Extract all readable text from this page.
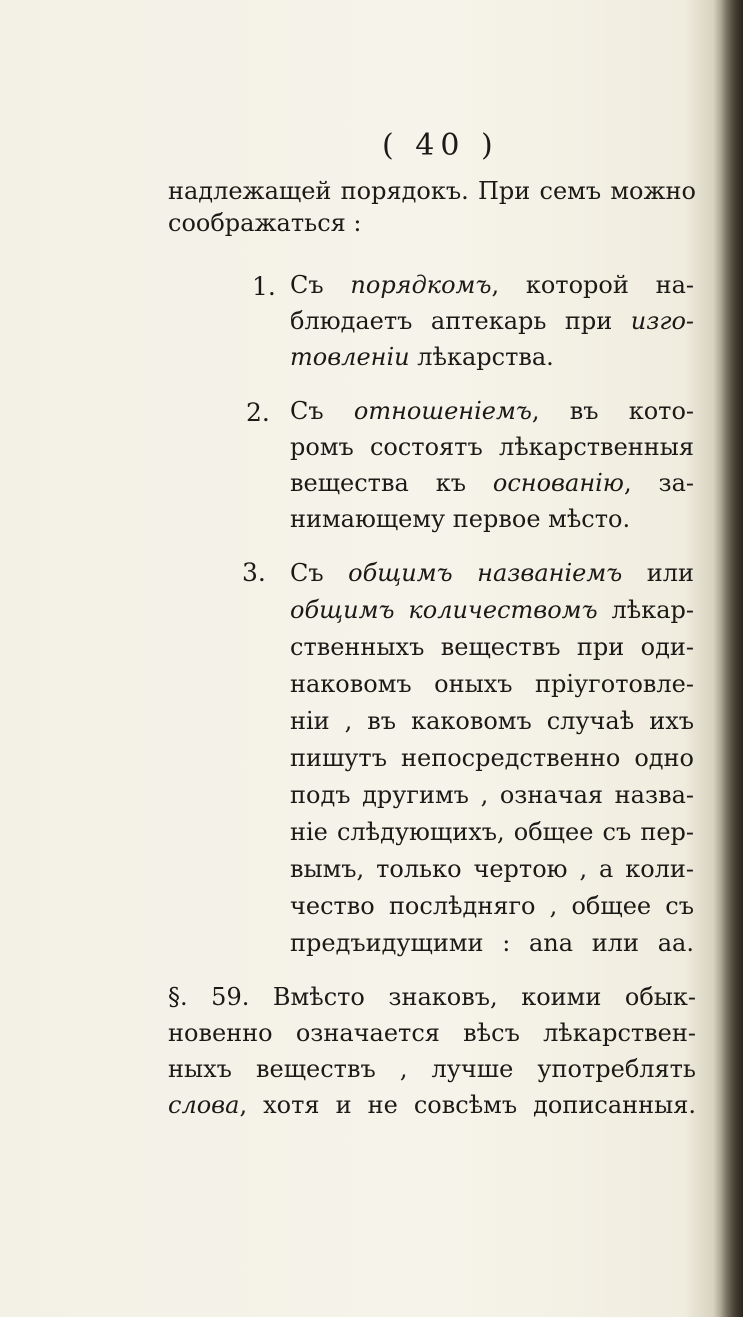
( 40 )
надлежащей порядокъ. При семъ можно
соображаться :
1. Съ порядкомъ, которой на-
блюдаетъ аптекарь при изго-
товленіи лѣкарства.
2. Съ отношеніемъ, въ кото-
ромъ состоятъ лѣкарственныя
вещества къ основанію, за-
нимающему первое мѣсто.
3. Съ общимъ названіемъ или
общимъ количествомъ лѣкар-
ственныхъ веществъ при оди-
наковомъ оныхъ пріуготовле-
ніи , въ каковомъ случаѣ ихъ
пишутъ непосредственно одно
подъ другимъ , означая назва-
ніе слѣдующихъ, общее съ пер-
вымъ, только чертою , а коли-
чество послѣдняго , общее съ
предъидущими : ana или aa.
§. 59. Вмѣсто знаковъ, коими обык-
новенно означается вѣсъ лѣкарствен-
ныхъ веществъ , лучше употреблять
слова, хотя и не совсѣмъ дописанныя.
